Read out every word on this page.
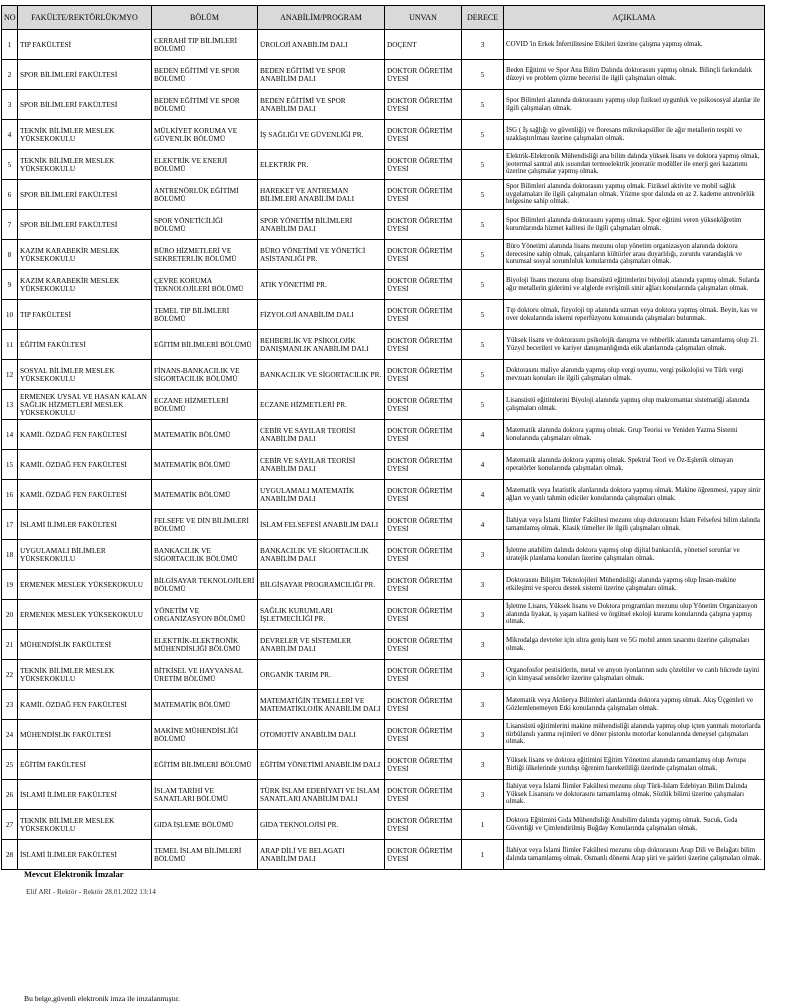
NO	FAKÜLTE/REKTÖRLÜK/MYO	BÖLÜM	ANABİLİM/PROGRAM	UNVAN	DERECE	AÇIKLAMA
1	TIP FAKÜLTESİ	CERRAHİ TIP BİLİMLERİ BÖLÜMÜ	ÜROLOJİ ANABİLİM DALI	DOÇENT	3	COVID 'in Erkek İnfertilitesine Etkileri üzerine çalışma yapmış olmak.
2	SPOR BİLİMLERİ FAKÜLTESİ	BEDEN EĞİTİMİ VE SPOR BÖLÜMÜ	BEDEN EĞİTİMİ VE SPOR ANABİLİM DALI	DOKTOR ÖĞRETİM ÜYESİ	5	Beden Eğitimi ve Spor Ana Bilim Dalında doktorasını yapmış olmak. Bilinçli farkındalık düzeyi ve problem çözme becerisi ile ilgili çalışmaları olmak.
3	SPOR BİLİMLERİ FAKÜLTESİ	BEDEN EĞİTİMİ VE SPOR BÖLÜMÜ	BEDEN EĞİTİMİ VE SPOR ANABİLİM DALI	DOKTOR ÖĞRETİM ÜYESİ	5	Spor Bilimleri alanında doktorasını yapmış olup fiziksel uygunluk ve psikososyal alanlar ile ilgili çalışmaları olmak.
4	TEKNİK BİLİMLER MESLEK YÜKSEKOKULU	MÜLKİYET KORUMA VE GÜVENLİK BÖLÜMÜ	İŞ SAĞLIĞI VE GÜVENLİĞİ PR.	DOKTOR ÖĞRETİM ÜYESİ	5	İSG ( İş sağlığı ve güvenliği) ve floresans mikrokapsüller ile ağır metallerin tespiti ve uzaklaştırılması üzerine çalışmaları olmak.
5	TEKNİK BİLİMLER MESLEK YÜKSEKOKULU	ELEKTRİK VE ENERJİ BÖLÜMÜ	ELEKTRİK PR.	DOKTOR ÖĞRETİM ÜYESİ	5	Elektrik-Elektronik Mühendisliği ana bilim dalında yüksek lisans ve doktora yapmış olmak, jeotermal santral atık ısısından termoelektrik jeneratör modüller ile enerji geri kazanımı üzerine çalışmalar yapmış olmak.
6	SPOR BİLİMLERİ FAKÜLTESİ	ANTRENÖRLÜK EĞİTİMİ BÖLÜMÜ	HAREKET VE ANTREMAN BİLİMLERİ ANABİLİM DALI	DOKTOR ÖĞRETİM ÜYESİ	5	Spor Bilimleri alanında doktorasını yapmış olmak. Fiziksel aktivite ve mobil sağlık uygulamaları ile ilgili çalışmaları olmak. Yüzme spor dalında en az 2. kademe antrenörlük belgesine sahip olmak.
7	SPOR BİLİMLERİ FAKÜLTESİ	SPOR YÖNETİCİLİĞİ BÖLÜMÜ	SPOR YÖNETİM BİLİMLERİ ANABİLİM DALI	DOKTOR ÖĞRETİM ÜYESİ	5	Spor Bilimleri alanında doktorasını yapmış olmak. Spor eğitimi veren yükseköğretim kurumlarında hizmet kalitesi ile ilgili çalışmaları olmak.
8	KAZIM KARABEKİR MESLEK YÜKSEKOKULU	BÜRO HİZMETLERİ VE SEKRETERLİK BÖLÜMÜ	BÜRO YÖNETİMİ VE YÖNETİCİ ASİSTANLIĞI PR.	DOKTOR ÖĞRETİM ÜYESİ	5	Büro Yönetimi alanında lisans mezunu olup yönetim organizasyon alanında doktora derecesine sahip olmak, çalışanların kültürler arası duyarlılığı, zorunlu vatandaşlık ve kurumsal sosyal sorumluluk konularında çalışmaları olmak.
9	KAZIM KARABEKİR MESLEK YÜKSEKOKULU	ÇEVRE KORUMA TEKNOLOJİLERİ BÖLÜMÜ	ATIK YÖNETİMİ PR.	DOKTOR ÖĞRETİM ÜYESİ	5	Biyoloji lisans mezunu olup lisansüstü eğitimlerini biyoloji alanında yapmış olmak. Sularda ağır metallerin giderimi ve alglerde evrişimli sinir ağları konularında çalışmaları olmak.
10	TIP FAKÜLTESİ	TEMEL TIP BİLİMLERİ BÖLÜMÜ	FİZYOLOJİ ANABİLİM DALI	DOKTOR ÖĞRETİM ÜYESİ	5	Tıp doktoru olmak, fizyoloji tıp alanında uzman veya doktora yapmış olmak. Beyin, kas ve over dokularında iskemi reperfüzyonu konusunda çalışmaları bulunmak.
11	EĞİTİM FAKÜLTESİ	EĞİTİM BİLİMLERİ BÖLÜMÜ	REHBERLİK VE PSİKOLOJİK DANIŞMANLIK ANABİLİM DALI	DOKTOR ÖĞRETİM ÜYESİ	5	Yüksek lisans ve doktorasını psikolojik danışma ve rehberlik alanında tamamlamış olup 21. Yüzyıl becerileri ve kariyer danışmanlığında etik alanlarında çalışmaları olmak.
12	SOSYAL BİLİMLER MESLEK YÜKSEKOKULU	FİNANS-BANKACILIK VE SİGORTACILIK BÖLÜMÜ	BANKACILIK VE SİGORTACILIK PR.	DOKTOR ÖĞRETİM ÜYESİ	5	Doktorasını maliye alanında yapmış olup vergi uyumu, vergi psikolojisi ve Türk vergi mevzuatı konuları ile ilgili çalışmaları olmak.
13	ERMENEK UYSAL VE HASAN KALAN SAĞLIK HİZMETLERİ MESLEK YÜKSEKOKULU	ECZANE HİZMETLERİ BÖLÜMÜ	ECZANE HİZMETLERİ PR.	DOKTOR ÖĞRETİM ÜYESİ	5	Lisansüstü eğitimlerini Biyoloji alanında yapmış olup makromantar sistematiği alanında çalışmaları olmak.
14	KAMİL ÖZDAĞ FEN FAKÜLTESİ	MATEMATİK BÖLÜMÜ	CEBİR VE SAYILAR TEORİSİ ANABİLİM DALI	DOKTOR ÖĞRETİM ÜYESİ	4	Matematik alanında doktora yapmış olmak. Grup Teorisi ve Yeniden Yazma Sistemi konularında çalışmaları olmak.
15	KAMİL ÖZDAĞ FEN FAKÜLTESİ	MATEMATİK BÖLÜMÜ	CEBİR VE SAYILAR TEORİSİ ANABİLİM DALI	DOKTOR ÖĞRETİM ÜYESİ	4	Matematik alanında doktora yapmış olmak. Spektral Teori ve Öz-Eşlenik olmayan operatörler konularında çalışmaları olmak.
16	KAMİL ÖZDAĞ FEN FAKÜLTESİ	MATEMATİK BÖLÜMÜ	UYGULAMALI MATEMATİK ANABİLİM DALI	DOKTOR ÖĞRETİM ÜYESİ	4	Matematik veya İstatistik alanlarında doktora yapmış olmak. Makine öğrenmesi, yapay sinir ağları ve yanlı tahmin ediciler konularında çalışmaları olmak.
17	İSLAMİ İLİMLER FAKÜLTESİ	FELSEFE VE DİN BİLİMLERİ BÖLÜMÜ	İSLAM FELSEFESİ ANABİLİM DALI	DOKTOR ÖĞRETİM ÜYESİ	4	İlahiyat veya İslami İlimler Fakültesi mezunu olup doktorasını İslam Felsefesi bilim dalında tamamlamış olmak. Klasik tümeller ile ilgili çalışmaları olmak.
18	UYGULAMALI BİLİMLER YÜKSEKOKULU	BANKACILIK VE SİGORTACILIK BÖLÜMÜ	BANKACILIK VE SİGORTACILIK ANABİLİM DALI	DOKTOR ÖĞRETİM ÜYESİ	3	İşletme anabilim dalında doktora yapmış olup dijital bankacılık, yönetsel sorunlar ve stratejik planlama konuları üzerine çalışmaları olmak.
19	ERMENEK MESLEK YÜKSEKOKULU	BİLGİSAYAR TEKNOLOJİLERİ BÖLÜMÜ	BİLGİSAYAR PROGRAMCILIĞI PR.	DOKTOR ÖĞRETİM ÜYESİ	3	Doktorasını Bilişim Teknolojileri Mühendisliği alanında yapmış olup İnsan-makine etkileşimi ve sporcu destek sistemi üzerine çalışmaları olmak.
20	ERMENEK MESLEK YÜKSEKOKULU	YÖNETİM VE ORGANİZASYON BÖLÜMÜ	SAĞLIK KURUMLARI İŞLETMECİLİĞİ PR.	DOKTOR ÖĞRETİM ÜYESİ	3	İşletme Lisans, Yüksek lisans ve Doktora programları mezunu olup Yönetim Organizasyon alanında liyakat, iş yaşam kalitesi ve örgütsel ekoloji kuramı konularında çalışma yapmış olmak.
21	MÜHENDİSLİK FAKÜLTESİ	ELEKTRİK-ELEKTRONİK MÜHENDİSLİĞİ BÖLÜMÜ	DEVRELER VE SİSTEMLER ANABİLİM DALI	DOKTOR ÖĞRETİM ÜYESİ	3	Mikrodalga devreler için ultra geniş bant ve 5G mobil anten tasarımı üzerine çalışmaları olmak.
22	TEKNİK BİLİMLER MESLEK YÜKSEKOKULU	BİTKİSEL VE HAYVANSAL ÜRETİM BÖLÜMÜ	ORGANİK TARIM PR.	DOKTOR ÖĞRETİM ÜYESİ	3	Organofosfor pestisitlerin, metal ve anyon iyonlarının sulu çözeltiler ve canlı hücrede tayini için kimyasal sensörler üzerine çalışmaları olmak.
23	KAMİL ÖZDAĞ FEN FAKÜLTESİ	MATEMATİK BÖLÜMÜ	MATEMATİĞİN TEMELLERİ VE MATEMATİKLOJİK ANABİLİM DALI	DOKTOR ÖĞRETİM ÜYESİ	3	Matematik veya Aktüerya Bilimleri alanlarında doktora yapmış olmak. Akış Üçgenleri ve Gözlemlenemeyen Etki konularında çalışmaları olmak.
24	MÜHENDİSLİK FAKÜLTESİ	MAKİNE MÜHENDİSLİĞİ BÖLÜMÜ	OTOMOTİV ANABİLİM DALI	DOKTOR ÖĞRETİM ÜYESİ	3	Lisansüstü eğitimlerini makine mühendisliği alanında yapmış olup içten yanmalı motorlarda türbülanslı yanma rejimleri ve döner pistonlu motorlar konularında deneysel çalışmaları olmak.
25	EĞİTİM FAKÜLTESİ	EĞİTİM BİLİMLERİ BÖLÜMÜ	EĞİTİM YÖNETİMİ ANABİLİM DALI	DOKTOR ÖĞRETİM ÜYESİ	3	Yüksek lisans ve doktora eğitimini Eğitim Yönetimi alanında tamamlamış olup Avrupa Birliği ülkelerinde yurtdışı öğrenim hareketliliği üzerinde çalışmaları olmak.
26	İSLAMİ İLİMLER FAKÜLTESİ	İSLAM TARİHİ VE SANATLARI BÖLÜMÜ	TÜRK İSLAM EDEBİYATI VE İSLAM SANATLARI ANABİLİM DALI	DOKTOR ÖĞRETİM ÜYESİ	3	İlahiyat veya İslami İlimler Fakültesi mezunu olup Türk-İslam Edebiyatı Bilim Dalında Yüksek Lisansını ve doktorasını tamamlamış olmak, Sözlük bilimi üzerine çalışmaları olmak.
27	TEKNİK BİLİMLER MESLEK YÜKSEKOKULU	GIDA İŞLEME BÖLÜMÜ	GIDA TEKNOLOJİSİ PR.	DOKTOR ÖĞRETİM ÜYESİ	1	Doktora Eğitimini Gıda Mühendisliği Anabilim dalında yapmış olmak. Sucuk, Gıda Güvenliği ve Çimlendirilmiş Buğday Konularında çalışmaları olmak.
28	İSLAMİ İLİMLER FAKÜLTESİ	TEMEL İSLAM BİLİMLERİ BÖLÜMÜ	ARAP DİLİ VE BELAGATI ANABİLİM DALI	DOKTOR ÖĞRETİM ÜYESİ	1	İlahiyat veya İslami İlimler Fakültesi mezunu olup doktorasını Arap Dili ve Belağatı bilim dalında tamamlamış olmak. Osmanlı dönemi Arap şiiri ve şairleri üzerine çalışmaları olmak.
Mevcut Elektronik İmzalar
Elif ARI - Rektör - Rektör 28.01.2022 13:14
Bu belge,güvenli elektronik imza ile imzalanmıştır.
